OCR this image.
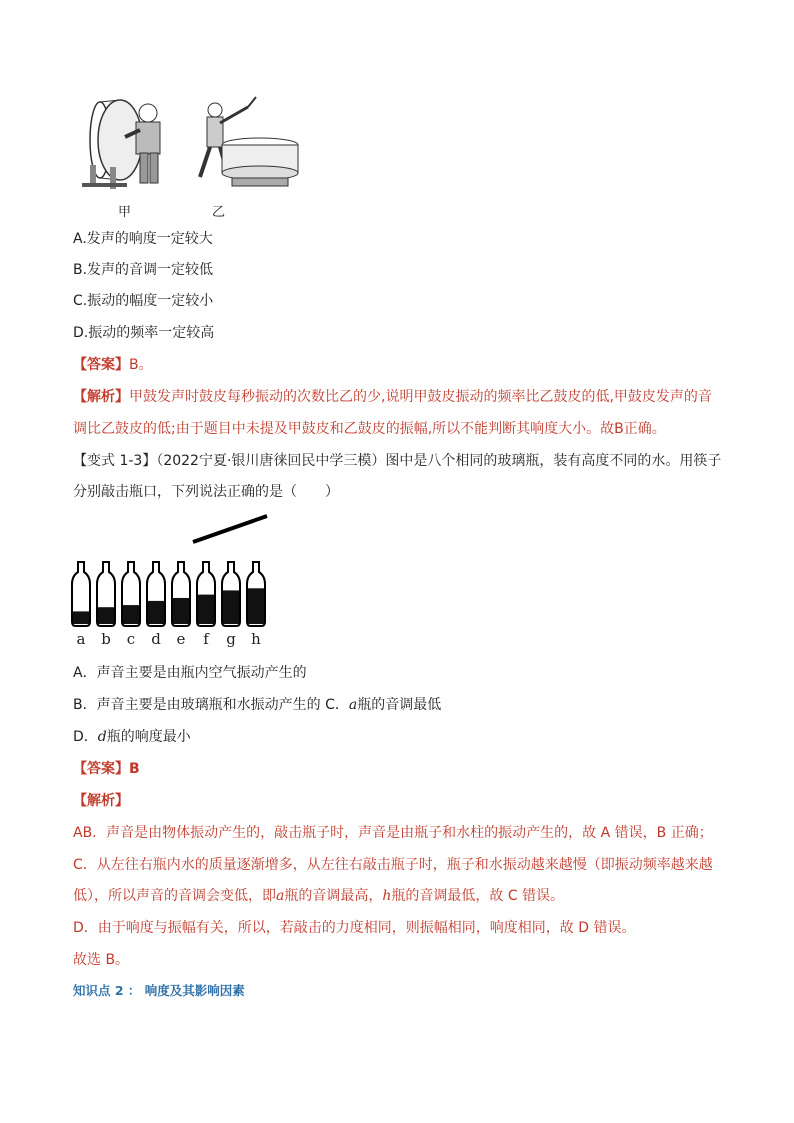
甲	乙
A.发声的响度一定较大
B.发声的音调一定较低
C.振动的幅度一定较小
D.振动的频率一定较高
【答案】B。
【解析】甲鼓发声时鼓皮每秒振动的次数比乙的少,说明甲鼓皮振动的频率比乙鼓皮的低,甲鼓皮发声的音
调比乙鼓皮的低;由于题目中未提及甲鼓皮和乙鼓皮的振幅,所以不能判断其响度大小。故B正确。
【变式 1-3】（2022宁夏·银川唐徕回民中学三模）图中是八个相同的玻璃瓶，装有高度不同的水。用筷子
分别敲击瓶口，下列说法正确的是（　　）
a	b	c	d	e	f	g	h
A．声音主要是由瓶内空气振动产生的
B．声音主要是由玻璃瓶和水振动产生的 C．a瓶的音调最低
D．d瓶的响度最小
【答案】B
【解析】
AB．声音是由物体振动产生的，敲击瓶子时，声音是由瓶子和水柱的振动产生的，故 A 错误，B 正确；
C．从左往右瓶内水的质量逐渐增多，从左往右敲击瓶子时，瓶子和水振动越来越慢（即振动频率越来越
低），所以声音的音调会变低，即a瓶的音调最高，h瓶的音调最低，故 C 错误。
D．由于响度与振幅有关，所以，若敲击的力度相同，则振幅相同，响度相同，故 D 错误。
故选 B。
知识点 2 ： 响度及其影响因素
